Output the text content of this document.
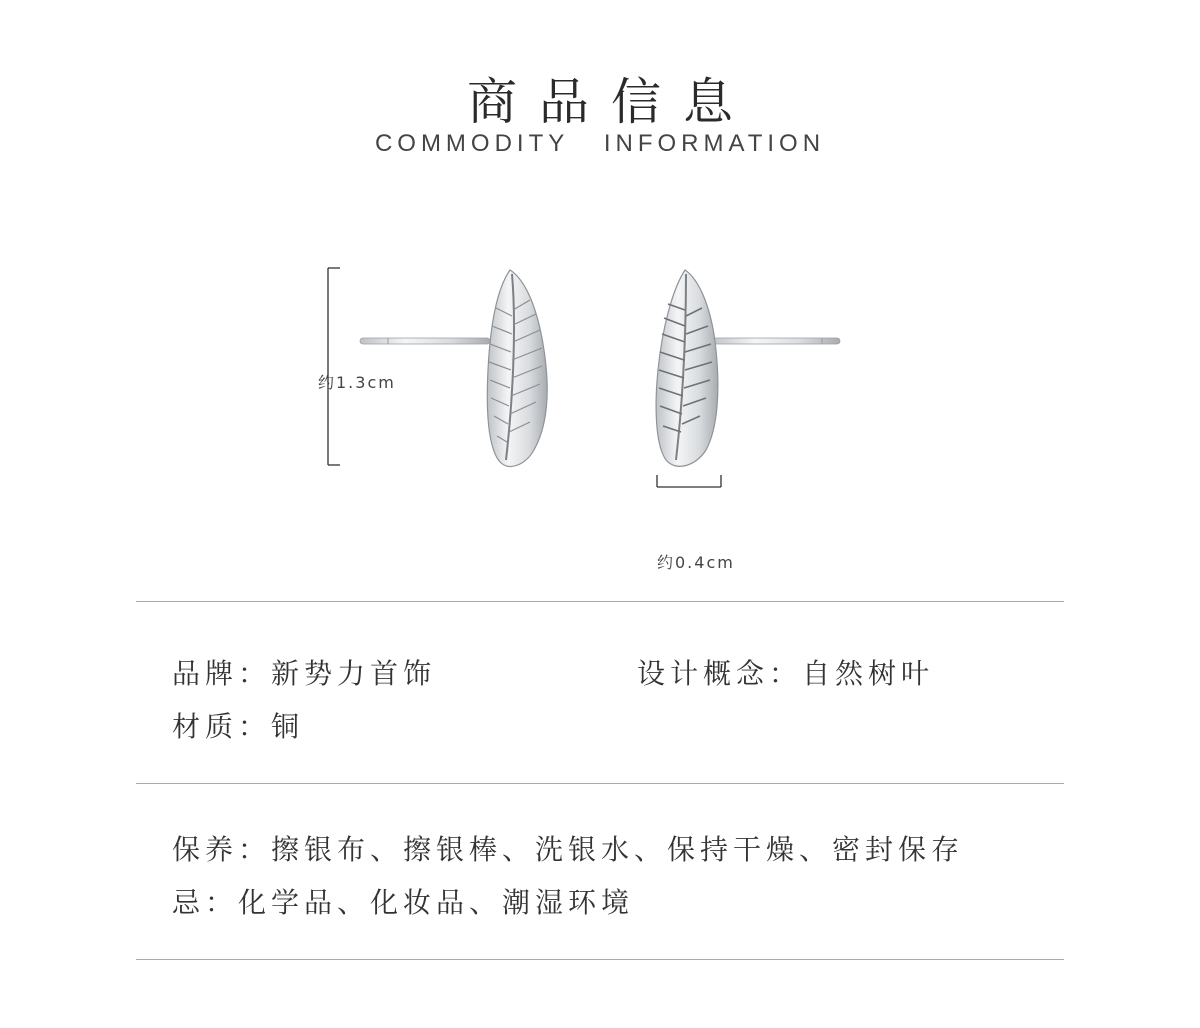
商品信息
COMMODITY   INFORMATION
约1.3cm
约0.4cm
品牌：新势力首饰	设计概念：自然树叶
材质：铜
保养：擦银布、擦银棒、洗银水、保持干燥、密封保存
忌：化学品、化妆品、潮湿环境
